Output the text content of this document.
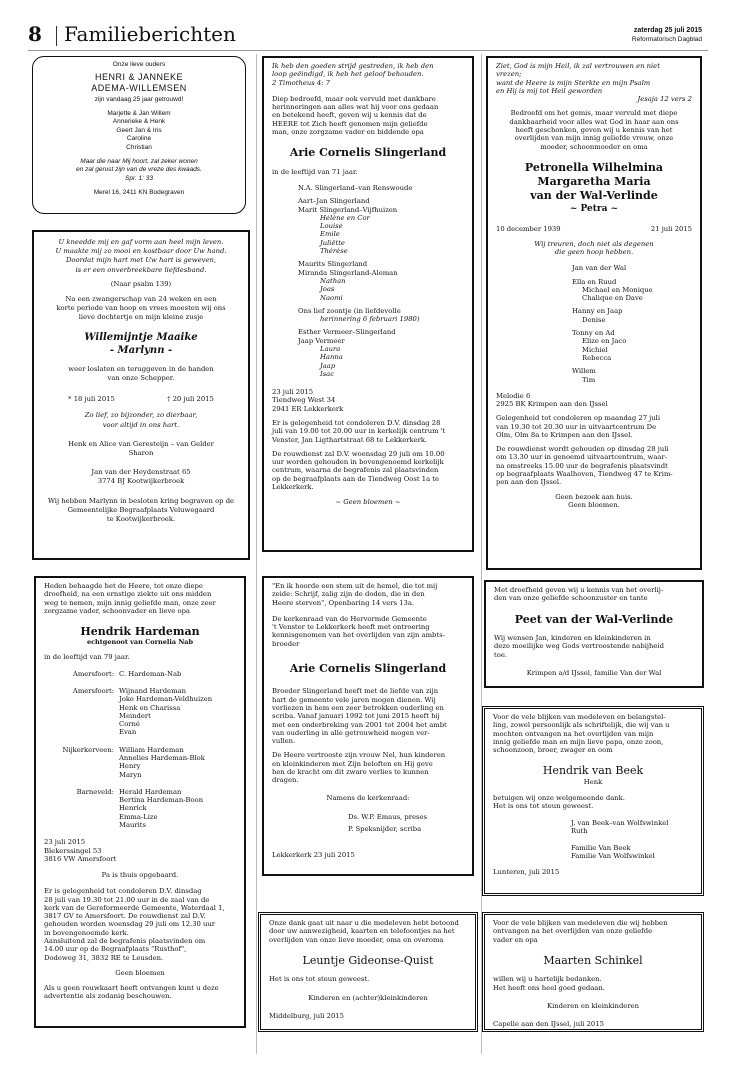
8 Familieberichten	zaterdag 25 juli 2015
Reformatorisch Dagblad
Onze lieve ouders
HENRI & JANNEKE
ADEMA-WILLEMSEN
zijn vandaag 25 jaar getrouwd!
Marjette & Jan Willem
Annerieke & Henk
Geert Jan & Iris
Caroline
Christian
Maar die naar Mij hoort, zal zeker wonen
en zal gerust zijn van de vreze des kwaads.
Spr. 1: 33
Merel 16, 2411 KN Bodegraven
U kneedde mij en gaf vorm aan heel mijn leven.
U maakte mij zo mooi en kostbaar door Uw hand.
Doordat mijn hart met Uw hart is geweven,
is er een onverbreekbare liefdesband.
(Naar psalm 139)
Na een zwangerschap van 24 weken en een
korte periode van hoop en vrees moesten wij ons
lieve dochtertje en mijn kleine zusje
Willemijntje Maaike
- Marlynn -
weer loslaten en teruggeven in de handen
van onze Schepper.
* 18 juli 2015	† 20 juli 2015
Zo lief, zo bijzonder, zo dierbaar,
voor altijd in ons hart.
Henk en Alice van Geresteijn – van Gelder
Sharon
Jan van der Heydenstraat 65
3774 BJ Kootwijkerbroek
Wij hebben Marlynn in besloten kring begraven op de
Gemeentelijke Begraafplaats Veluwegaard
te Kootwijkerbroek.
Ik heb den goeden strijd gestreden, ik heb den
loop geëindigd, ik heb het geloof behouden.
2 Timotheus 4: 7
Diep bedroefd, maar ook vervuld met dankbare
herinneringen aan alles wat hij voor ons gedaan
en betekend heeft, geven wij u kennis dat de
HEERE tot Zich heeft genomen mijn geliefde
man, onze zorgzame vader en biddende opa
Arie Cornelis Slingerland
in de leeftijd van 71 jaar.
N.A. Slingerland–van Renswoude
Aart–Jan Slingerland
Marit Slingerland–Vijfhuizen
Hélène en Cor
Louise
Emile
Juliëtte
Thérèse
Maurits Slingerland
Miranda Slingerland-Aleman
Nathan
Joas
Naomi
Ons lief zoontje (in liefdevolle
herinnering 6 februari 1980)
Esther Vermeer–Slingerland
Jaap Vermeer
Laura
Hanna
Jaap
Isac
23 juli 2015
Tiendweg West 34
2941 ER Lekkerkerk
Er is gelegenheid tot condoleren D.V. dinsdag 28
juli van 19.00 tot 20.00 uur in kerkelijk centrum 't
Venster, Jan Ligthartstraat 68 te Lekkerkerk.
De rouwdienst zal D.V. woensdag 29 juli om 10.00
uur worden gehouden in bovengenoemd kerkelijk
centrum, waarna de begrafenis zal plaatsvinden
op de begraafplaats aan de Tiendweg Oost 1a te
Lekkerkerk.
~ Geen bloemen ~
Ziet, God is mijn Heil, ik zal vertrouwen en niet
vrezen;
want de Heere is mijn Sterkte en mijn Psalm
en Hij is mij tot Heil geworden
Jesaja 12 vers 2
Bedroefd om het gemis, maar vervuld met diepe
dankbaarheid voor alles wat God in haar aan ons
heeft geschonken, geven wij u kennis van het
overlijden van mijn innig geliefde vrouw, onze
moeder, schoonmoeder en oma
Petronella Wilhelmina
Margaretha Maria
van der Wal-Verlinde
~ Petra ~
10 december 1939	21 juli 2015
Wij treuren, doch niet als degenen
die geen hoop hebben.
Jan van der Wal
Ella en Ruud
Michael en Monique
Chalique en Dave
Hanny en Jaap
Denise
Tonny en Ad
Elize en Jaco
Michiel
Rebecca
Willem
Tim
Melodie 6
2925 BK Krimpen aan den IJssel
Gelegenheid tot condoleren op maandag 27 juli
van 19.30 tot 20.30 uur in uitvaartcentrum De
Olm, Olm 8a te Krimpen aan den IJssel.
De rouwdienst wordt gehouden op dinsdag 28 juli
om 13.30 uur in genoemd uitvaartcentrum, waar-
na omstreeks 15.00 uur de begrafenis plaatsvindt
op begraafplaats Waalhoven, Tiendweg 47 te Krim-
pen aan den IJssel.
Geen bezoek aan huis.
Geen bloemen.
Heden behaagde het de Heere, tot onze diepe
droefheid, na een ernstige ziekte uit ons midden
weg te nemen, mijn innig geliefde man, onze zeer
zorgzame vader, schoonvader en lieve opa
Hendrik Hardeman
echtgenoot van Cornelia Nab
in de leeftijd van 79 jaar.
Amersfoort: C. Hardeman-Nab
Amersfoort: Wijnand Hardeman
Joke Hardeman-Veldhuizen
Henk en Charissa
Meindert
Corné
Evan
Nijkerkerveen: William Hardeman
Annelies Hardeman-Blok
Henry
Maryn
Barneveld: Herald Hardeman
Bertina Hardeman-Boon
Henrick
Emma-Lize
Maurits
23 juli 2015
Blekerssingel 53
3816 VW Amersfoort
Pa is thuis opgebaard.
Er is gelegenheid tot condoleren D.V. dinsdag
28 juli van 19.30 tot 21.00 uur in de zaal van de
kerk van de Gereformeerde Gemeente, Waterdaal 1,
3817 GV te Amersfoort. De rouwdienst zal D.V.
gehouden worden woensdag 29 juli om 12.30 uur
in bovengenoemde kerk.
Aansluitend zal de begrafenis plaatsvinden om
14.00 uur op de Begraafplaats "Rusthof",
Dodeweg 31, 3832 RE te Leusden.
Geen bloemen
Als u geen rouwkaart heeft ontvangen kunt u deze
advertentie als zodanig beschouwen.
"En ik hoorde een stem uit de hemel, die tot mij
zeide: Schrijf, zalig zijn de doden, die in den
Heere sterven", Openbaring 14 vers 13a.
De kerkenraad van de Hervormde Gemeente
't Venster te Lekkerkerk heeft met ontroering
kennisgenomen van het overlijden van zijn ambts-
broeder
Arie Cornelis Slingerland
Broeder Slingerland heeft met de liefde van zijn
hart de gemeente vele jaren mogen dienen. Wij
verliezen in hem een zeer betrokken ouderling en
scriba. Vanaf januari 1992 tot juni 2015 heeft hij
met een onderbreking van 2001 tot 2004 het ambt
van ouderling in alle getrouwheid mogen ver-
vullen.
De Heere vertrooste zijn vrouw Nel, hun kinderen
en kleinkinderen met Zijn beloften en Hij geve
hen de kracht om dit zware verlies te kunnen
dragen.
Namens de kerkenraad:
Ds. W.P. Emaus, preses
P. Speksnijder, scriba
Lekkerkerk 23 juli 2015
Met droefheid geven wij u kennis van het overlij-
den van onze geliefde schoonzuster en tante
Peet van der Wal-Verlinde
Wij wensen Jan, kinderen en kleinkinderen in
deze moeilijke weg Gods vertroostende nabijheid
toe.
Krimpen a/d IJssel, familie Van der Wal
Voor de vele blijken van medeleven en belangstel-
ling, zowel persoonlijk als schriftelijk, die wij van u
mochten ontvangen na het overlijden van mijn
innig geliefde man en mijn lieve papa, onze zoon,
schoonzoon, broer, zwager en oom
Hendrik van Beek
Henk
betuigen wij onze welgemeende dank.
Het is ons tot steun geweest.
J. van Beek–van Wolfswinkel
Ruth
Familie Van Beek
Familie Van Wolfswinkel
Lunteren, juli 2015
Onze dank gaat uit naar u die medeleven hebt betoond
door uw aanwezigheid, kaarten en telefoontjes na het
overlijden van onze lieve moeder, oma en overoma
Leuntje Gideonse-Quist
Het is ons tot steun geweest.
Kinderen en (achter)kleinkinderen
Middelburg, juli 2015
Voor de vele blijken van medeleven die wij hebben
ontvangen na het overlijden van onze geliefde
vader en opa
Maarten Schinkel
willen wij u hartelijk bedanken.
Het heeft ons heel goed gedaan.
Kinderen en kleinkinderen
Capelle aan den IJssel, juli 2015
